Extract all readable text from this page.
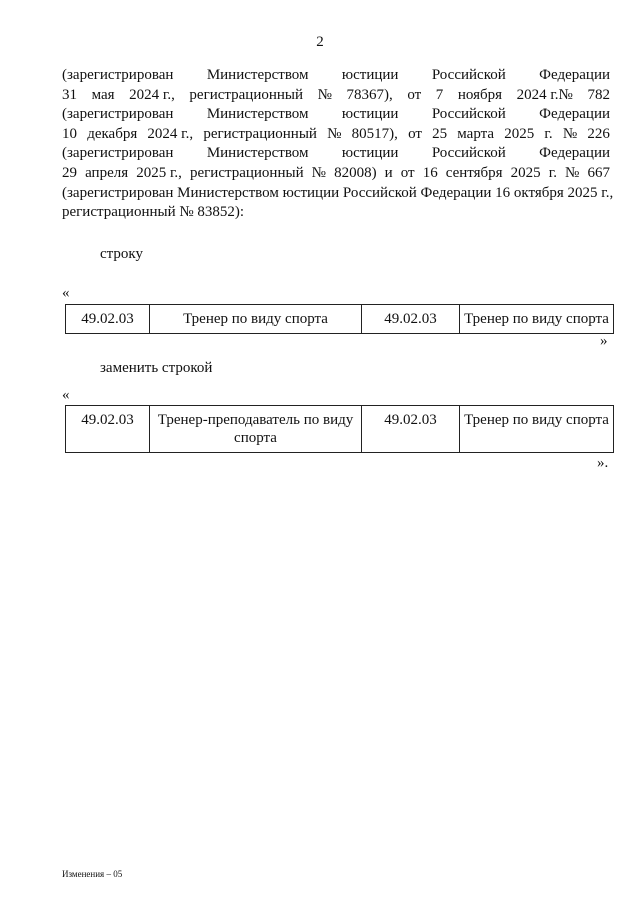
2
(зарегистрирован Министерством юстиции Российской Федерации
31 мая 2024 г., регистрационный № 78367), от 7 ноября 2024 г.№ 782
(зарегистрирован Министерством юстиции Российской Федерации
10 декабря 2024 г., регистрационный № 80517), от 25 марта 2025 г. № 226
(зарегистрирован Министерством юстиции Российской Федерации
29 апреля 2025 г., регистрационный № 82008) и от 16 сентября 2025 г. № 667
(зарегистрирован Министерством юстиции Российской Федерации 16 октября 2025 г.,
регистрационный № 83852):
строку
«
49.02.03	Тренер по виду спорта	49.02.03	Тренер по виду спорта
»
заменить строкой
«
49.02.03	Тренер-преподаватель по виду спорта	49.02.03	Тренер по виду спорта
».
Изменения – 05
